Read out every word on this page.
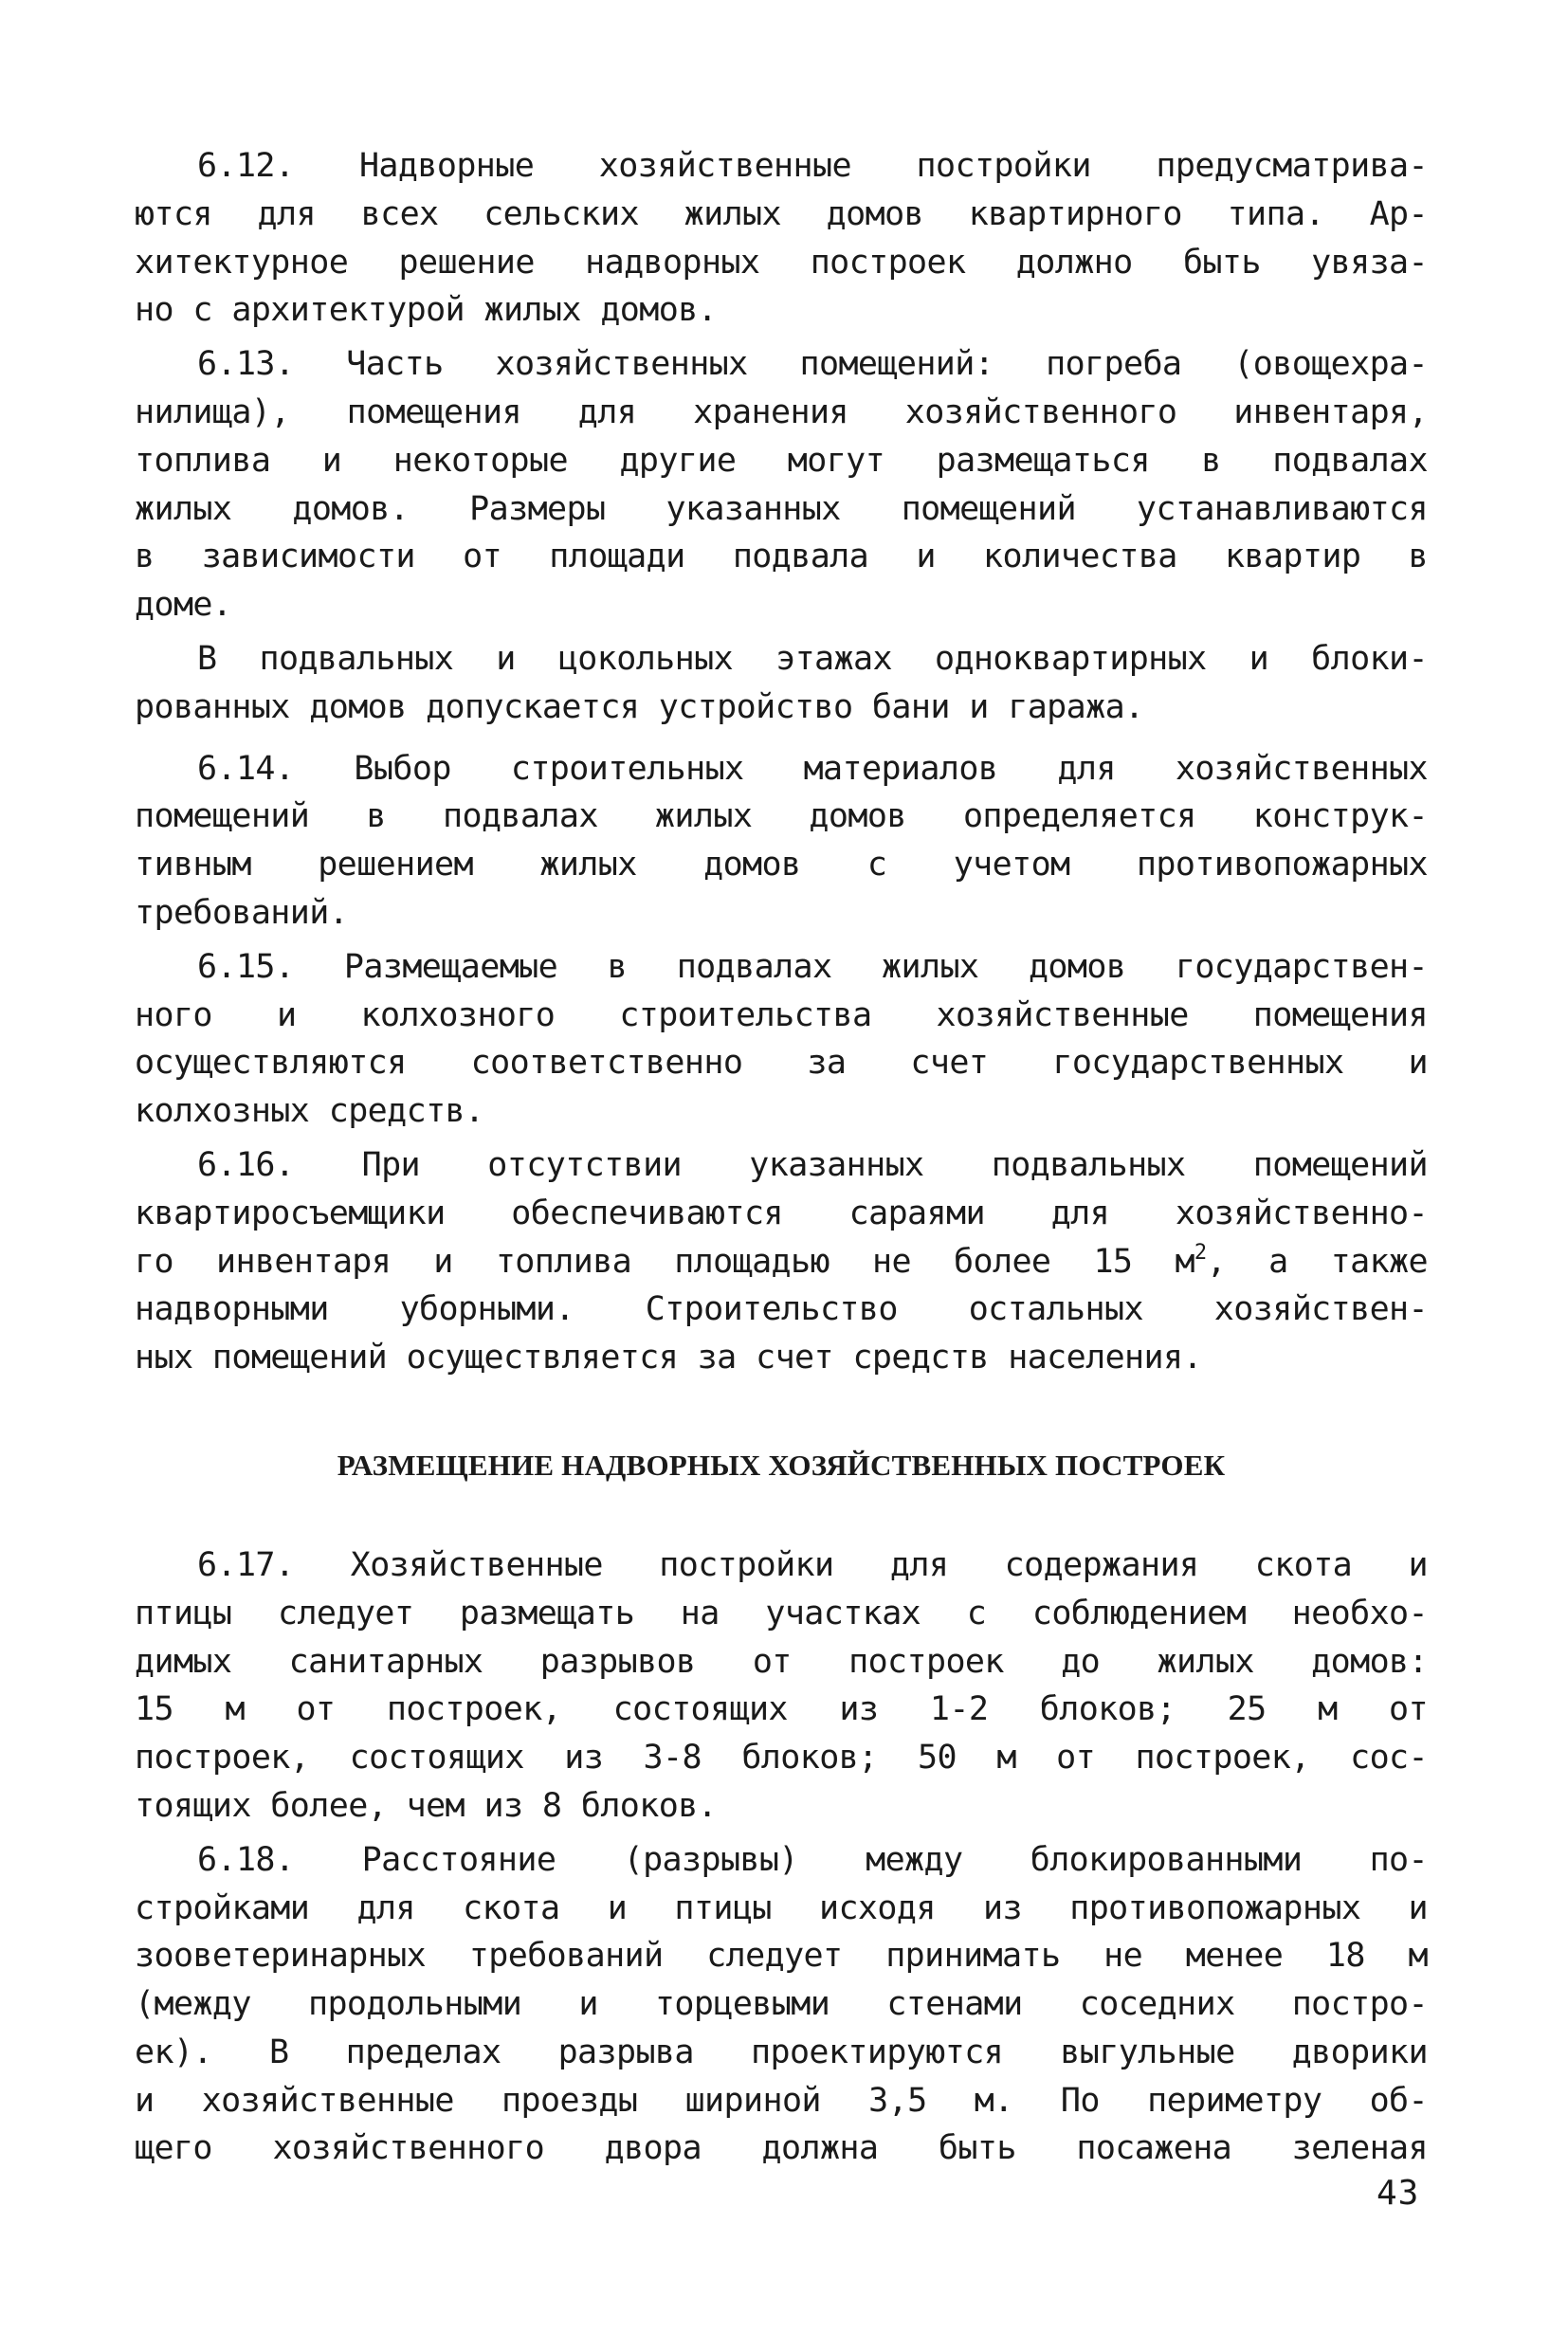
6.12. Надворные хозяйственные постройки предусматрива-
ются для всех сельских жилых домов квартирного типа. Ар-
хитектурное решение надворных построек должно быть увяза-
но с архитектурой жилых домов.
6.13. Часть хозяйственных помещений: погреба (овощехра-
нилища), помещения для хранения хозяйственного инвентаря,
топлива и некоторые другие могут размещаться в подвалах
жилых домов. Размеры указанных помещений устанавливаются
в зависимости от площади подвала и количества квартир в
доме.
В подвальных и цокольных этажах одноквартирных и блоки-
рованных домов допускается устройство бани и гаража.
6.14. Выбор строительных материалов для хозяйственных
помещений в подвалах жилых домов определяется конструк-
тивным решением жилых домов с учетом противопожарных
требований.
6.15. Размещаемые в подвалах жилых домов государствен-
ного и колхозного строительства хозяйственные помещения
осуществляются соответственно за счет государственных и
колхозных средств.
6.16. При отсутствии указанных подвальных помещений
квартиросъемщики обеспечиваются сараями для хозяйственно-
го инвентаря и топлива площадью не более 15 $м^2$, а также
надворными уборными. Строительство остальных хозяйствен-
ных помещений осуществляется за счет средств населения.
РАЗМЕЩЕНИЕ НАДВОРНЫХ ХОЗЯЙСТВЕННЫХ ПОСТРОЕК
6.17. Хозяйственные постройки для содержания скота и
птицы следует размещать на участках с соблюдением необхо-
димых санитарных разрывов от построек до жилых домов:
15 м от построек, состоящих из 1-2 блоков; 25 м от
построек, состоящих из 3-8 блоков; 50 м от построек, сос-
тоящих более, чем из 8 блоков.
6.18. Расстояние (разрывы) между блокированными по-
стройками для скота и птицы исходя из противопожарных и
зооветеринарных требований следует принимать не менее 18 м
(между продольными и торцевыми стенами соседних постро-
ек). В пределах разрыва проектируются выгульные дворики
и хозяйственные проезды шириной 3,5 м. По периметру об-
щего хозяйственного двора должна быть посажена зеленая
43
